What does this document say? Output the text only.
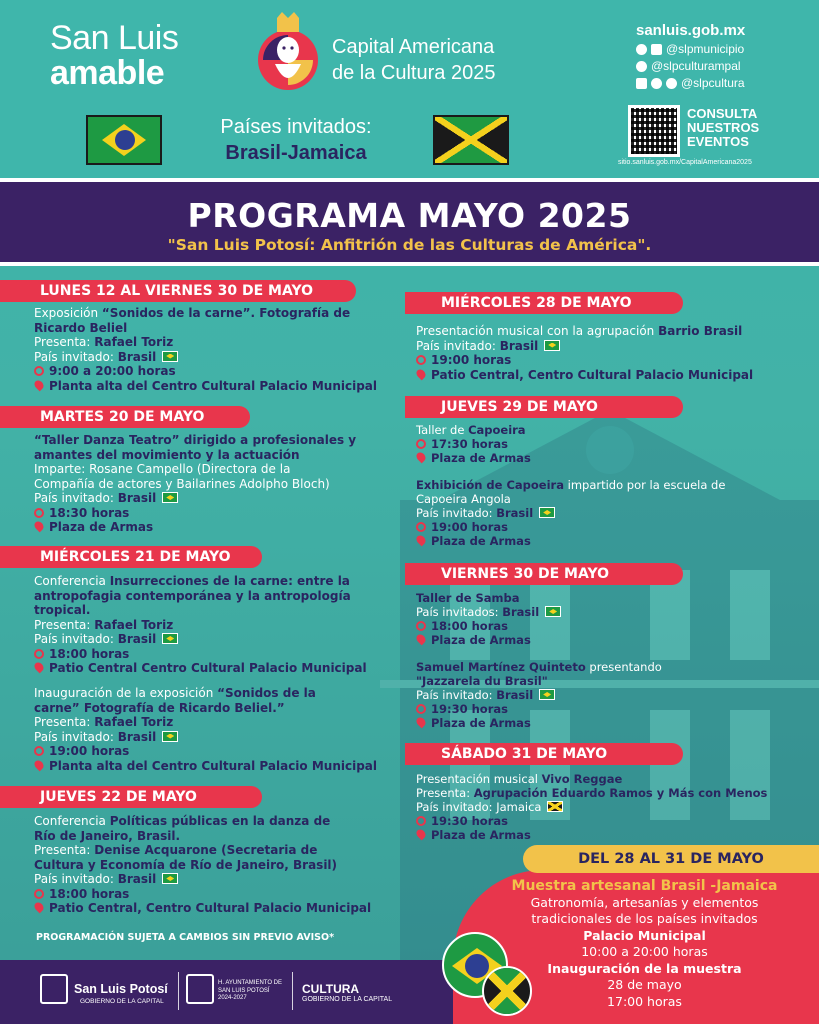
San Luis
amable
Capital Americana
de la Cultura 2025
sanluis.gob.mx
@slpmunicipio
@slpculturampal
@slpcultura
Países invitados:
Brasil-Jamaica
CONSULTA
NUESTROS
EVENTOS
sitio.sanluis.gob.mx/CapitalAmericana2025
PROGRAMA MAYO 2025
"San Luis Potosí: Anfitrión de las Culturas de América".
LUNES 12 AL VIERNES 30 DE MAYO
Exposición “Sonidos de la carne”. Fotografía de
Ricardo Beliel
Presenta: Rafael Toriz
País invitado: Brasil
9:00 a 20:00 horas
Planta alta del Centro Cultural Palacio Municipal
MARTES 20 DE MAYO
“Taller Danza Teatro” dirigido a profesionales y
amantes del movimiento y la actuación
Imparte: Rosane Campello (Directora de la
Compañía de actores y Bailarines Adolpho Bloch)
País invitado: Brasil
18:30 horas
Plaza de Armas
MIÉRCOLES 21 DE MAYO
Conferencia Insurrecciones de la carne: entre la
antropofagia contemporánea y la antropología
tropical.
Presenta: Rafael Toriz
País invitado: Brasil
18:00 horas
Patio Central Centro Cultural Palacio Municipal
Inauguración de la exposición “Sonidos de la
carne” Fotografía de Ricardo Beliel.”
Presenta: Rafael Toriz
País invitado: Brasil
19:00 horas
Planta alta del Centro Cultural Palacio Municipal
JUEVES 22 DE MAYO
Conferencia Políticas públicas en la danza de
Río de Janeiro, Brasil.
Presenta: Denise Acquarone (Secretaria de
Cultura y Economía de Río de Janeiro, Brasil)
País invitado: Brasil
18:00 horas
Patio Central, Centro Cultural Palacio Municipal
PROGRAMACIÓN SUJETA A CAMBIOS SIN PREVIO AVISO*
MIÉRCOLES 28 DE MAYO
Presentación musical con la agrupación Barrio Brasil
País invitado: Brasil
19:00 horas
Patio Central, Centro Cultural Palacio Municipal
JUEVES 29 DE MAYO
Taller de Capoeira
17:30 horas
Plaza de Armas
Exhibición de Capoeira impartido por la escuela de
Capoeira Angola
País invitado: Brasil
19:00 horas
Plaza de Armas
VIERNES 30 DE MAYO
Taller de Samba
País invitados: Brasil
18:00 horas
Plaza de Armas
Samuel Martínez Quinteto presentando
"Jazzarela du Brasil"
País invitado: Brasil
19:30 horas
Plaza de Armas
SÁBADO 31 DE MAYO
Presentación musical Vivo Reggae
Presenta: Agrupación Eduardo Ramos y Más con Menos
País invitado: Jamaica
19:30 horas
Plaza de Armas
San Luis Potosí
GOBIERNO DE LA CAPITAL
H. AYUNTAMIENTO DE
SAN LUIS POTOSÍ
2024-2027
CULTURA
GOBIERNO DE LA CAPITAL
DEL 28 AL 31 DE MAYO
Muestra artesanal Brasil -Jamaica
Gatronomía, artesanías y elementos
tradicionales de los países invitados
Palacio Municipal
10:00 a 20:00 horas
Inauguración de la muestra
28 de mayo
17:00 horas
